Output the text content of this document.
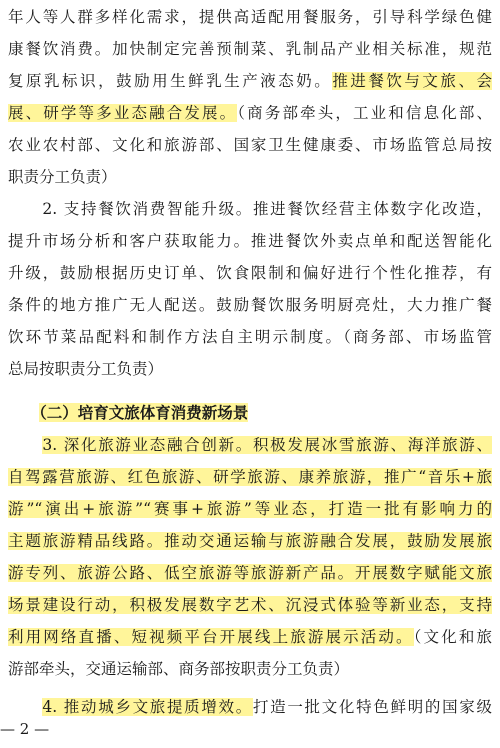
年人等人群多样化需求，提供高适配用餐服务，引导科学绿色健
康餐饮消费。加快制定完善预制菜、乳制品产业相关标准，规范
复原乳标识，鼓励用生鲜乳生产液态奶。推进餐饮与文旅、会
展、研学等多业态融合发展。（商务部牵头，工业和信息化部、
农业农村部、文化和旅游部、国家卫生健康委、市场监管总局按
职责分工负责）
　　2. 支持餐饮消费智能升级。推进餐饮经营主体数字化改造，
提升市场分析和客户获取能力。推进餐饮外卖点单和配送智能化
升级，鼓励根据历史订单、饮食限制和偏好进行个性化推荐，有
条件的地方推广无人配送。鼓励餐饮服务明厨亮灶，大力推广餐
饮环节菜品配料和制作方法自主明示制度。（商务部、市场监管
总局按职责分工负责）
　　（二）培育文旅体育消费新场景
　　3. 深化旅游业态融合创新。积极发展冰雪旅游、海洋旅游、
自驾露营旅游、红色旅游、研学旅游、康养旅游，推广“音乐+旅
游”“演出+旅游”“赛事+旅游”等业态，打造一批有影响力的
主题旅游精品线路。推动交通运输与旅游融合发展，鼓励发展旅
游专列、旅游公路、低空旅游等旅游新产品。开展数字赋能文旅
场景建设行动，积极发展数字艺术、沉浸式体验等新业态，支持
利用网络直播、短视频平台开展线上旅游展示活动。（文化和旅
游部牵头，交通运输部、商务部按职责分工负责）
　　4. 推动城乡文旅提质增效。打造一批文化特色鲜明的国家级
— 2 —
